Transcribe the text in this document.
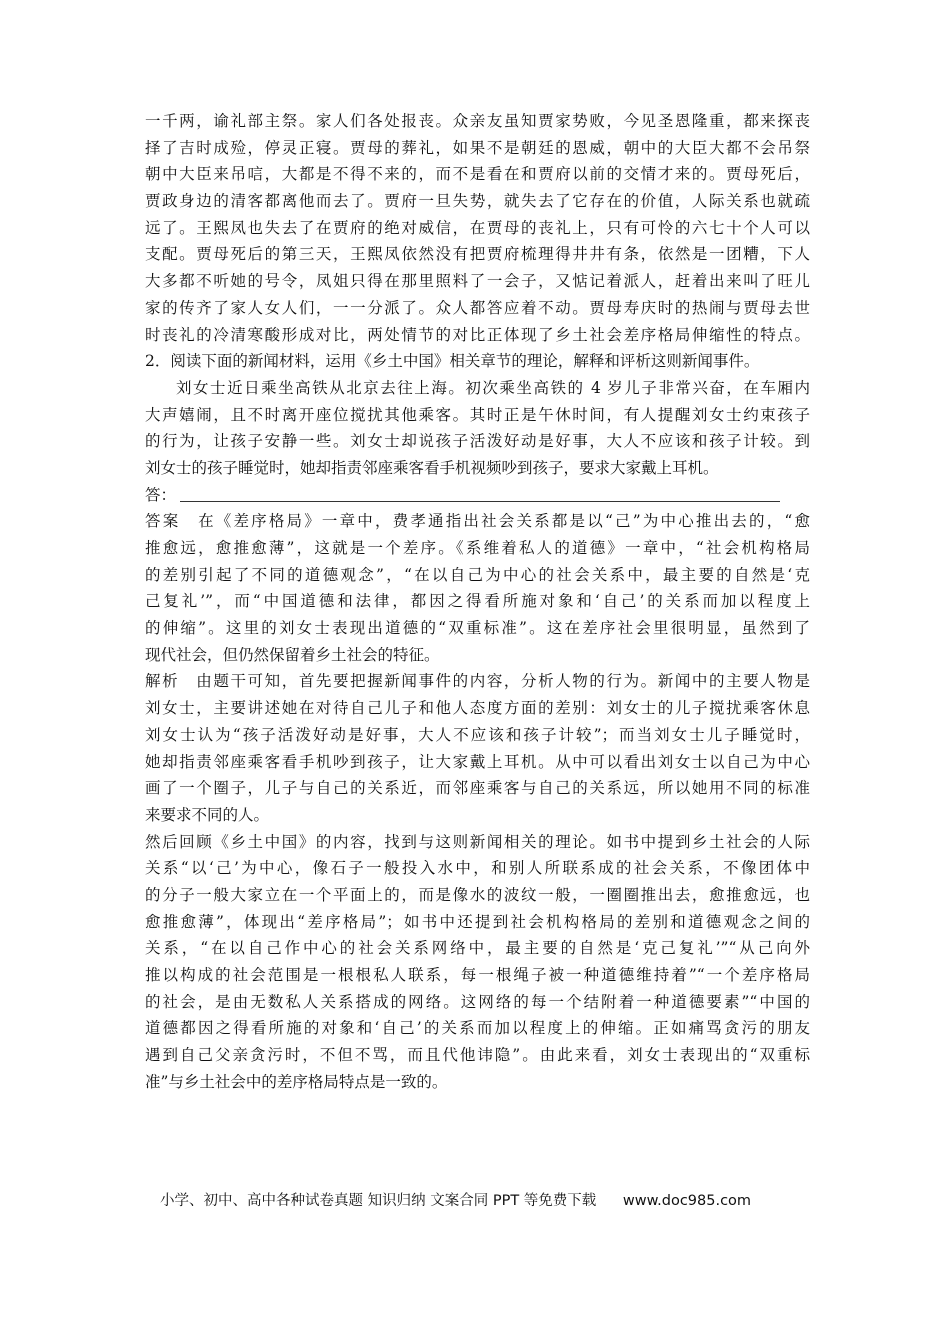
一千两，谕礼部主祭。家人们各处报丧。众亲友虽知贾家势败，今见圣恩隆重，都来探丧
择了吉时成殓，停灵正寝。贾母的葬礼，如果不是朝廷的恩威，朝中的大臣大都不会吊祭
朝中大臣来吊唁，大都是不得不来的，而不是看在和贾府以前的交情才来的。贾母死后，
贾政身边的清客都离他而去了。贾府一旦失势，就失去了它存在的价值，人际关系也就疏
远了。王熙凤也失去了在贾府的绝对威信，在贾母的丧礼上，只有可怜的六七十个人可以
支配。贾母死后的第三天，王熙凤依然没有把贾府梳理得井井有条，依然是一团糟，下人
大多都不听她的号令，凤姐只得在那里照料了一会子，又惦记着派人，赶着出来叫了旺儿
家的传齐了家人女人们，一一分派了。众人都答应着不动。贾母寿庆时的热闹与贾母去世
时丧礼的冷清寒酸形成对比，两处情节的对比正体现了乡土社会差序格局伸缩性的特点。
2．阅读下面的新闻材料，运用《乡土中国》相关章节的理论，解释和评析这则新闻事件。
刘女士近日乘坐高铁从北京去往上海。初次乘坐高铁的 4 岁儿子非常兴奋，在车厢内
大声嬉闹，且不时离开座位搅扰其他乘客。其时正是午休时间，有人提醒刘女士约束孩子
的行为，让孩子安静一些。刘女士却说孩子活泼好动是好事，大人不应该和孩子计较。到
刘女士的孩子睡觉时，她却指责邻座乘客看手机视频吵到孩子，要求大家戴上耳机。
答：
答案　在《差序格局》一章中，费孝通指出社会关系都是以“己”为中心推出去的，“愈
推愈远，愈推愈薄”，这就是一个差序。《系维着私人的道德》一章中，“社会机构格局
的差别引起了不同的道德观念”，“在以自己为中心的社会关系中，最主要的自然是‘克
己复礼’”，而“中国道德和法律，都因之得看所施对象和‘自己’的关系而加以程度上
的伸缩”。这里的刘女士表现出道德的“双重标准”。这在差序社会里很明显，虽然到了
现代社会，但仍然保留着乡土社会的特征。
解析　由题干可知，首先要把握新闻事件的内容，分析人物的行为。新闻中的主要人物是
刘女士，主要讲述她在对待自己儿子和他人态度方面的差别：刘女士的儿子搅扰乘客休息
刘女士认为“孩子活泼好动是好事，大人不应该和孩子计较”；而当刘女士儿子睡觉时，
她却指责邻座乘客看手机吵到孩子，让大家戴上耳机。从中可以看出刘女士以自己为中心
画了一个圈子，儿子与自己的关系近，而邻座乘客与自己的关系远，所以她用不同的标准
来要求不同的人。
然后回顾《乡土中国》的内容，找到与这则新闻相关的理论。如书中提到乡土社会的人际
关系“以‘己’为中心，像石子一般投入水中，和别人所联系成的社会关系，不像团体中
的分子一般大家立在一个平面上的，而是像水的波纹一般，一圈圈推出去，愈推愈远，也
愈推愈薄”，体现出“差序格局”；如书中还提到社会机构格局的差别和道德观念之间的
关系，“在以自己作中心的社会关系网络中，最主要的自然是‘克己复礼’”“从己向外
推以构成的社会范围是一根根私人联系，每一根绳子被一种道德维持着”“一个差序格局
的社会，是由无数私人关系搭成的网络。这网络的每一个结附着一种道德要素”“中国的
道德都因之得看所施的对象和‘自己’的关系而加以程度上的伸缩。正如痛骂贪污的朋友
遇到自己父亲贪污时，不但不骂，而且代他讳隐”。由此来看，刘女士表现出的“双重标
准”与乡土社会中的差序格局特点是一致的。
小学、初中、高中各种试卷真题 知识归纳 文案合同 PPT 等免费下载 www.doc985.com
